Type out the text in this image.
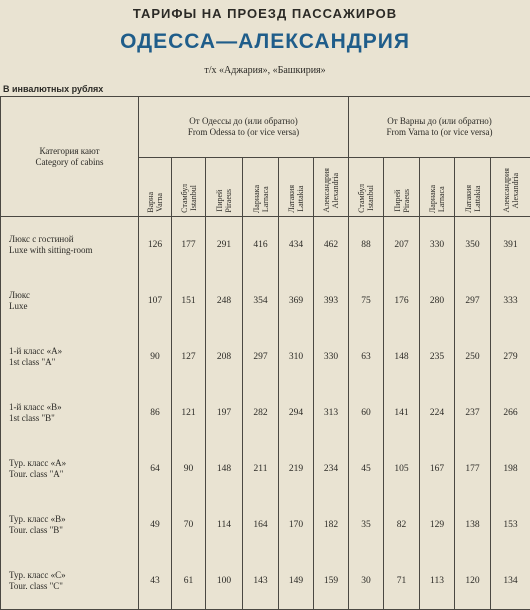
ТАРИФЫ НА ПРОЕЗД ПАССАЖИРОВ
ОДЕССА—АЛЕКСАНДРИЯ
т/х «Аджария», «Башкирия»
В инвалютных рублях
Категория кают
Category of cabins	От Одессы до (или обратно)
From Odessa to (or vice versa)						От Варны до (или обратно)
From Varna to (or vice versa)				
	Варна
Varna	Стамбул
Istanbul	Пирей
Piraeus	Ларнака
Larnaca	Латакия
Lattakia	Александрия
Alexandria	Стамбул
Istanbul	Пирей
Piraeus	Ларнака
Larnaca	Латакия
Lattakia	Александрия
Alexandria
Люкс с гостиной
Luxe with sitting-room	126	177	291	416	434	462	88	207	330	350	391
Люкс
Luxe	107	151	248	354	369	393	75	176	280	297	333
1-й класс «А»
1st class "A"	90	127	208	297	310	330	63	148	235	250	279
1-й класс «В»
1st class "B"	86	121	197	282	294	313	60	141	224	237	266
Тур. класс «А»
Tour. class "A"	64	90	148	211	219	234	45	105	167	177	198
Тур. класс «В»
Tour. class "B"	49	70	114	164	170	182	35	82	129	138	153
Тур. класс «С»
Tour. class "C"	43	61	100	143	149	159	30	71	113	120	134
